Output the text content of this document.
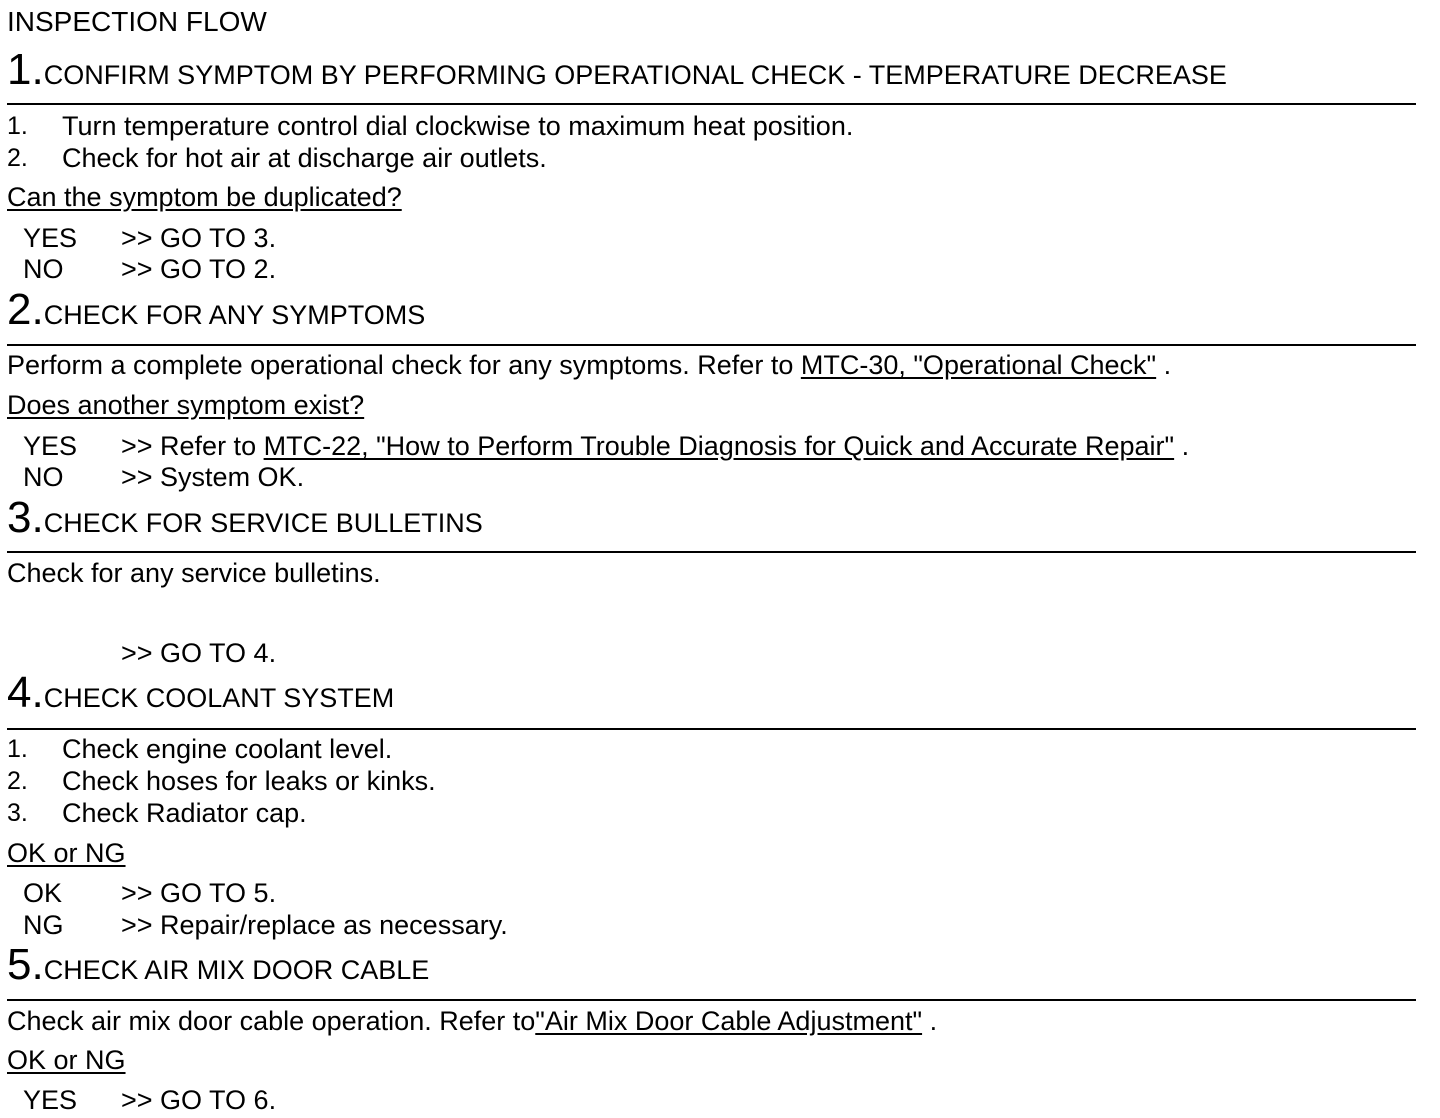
INSPECTION FLOW
1.CONFIRM SYMPTOM BY PERFORMING OPERATIONAL CHECK - TEMPERATURE DECREASE
1. Turn temperature control dial clockwise to maximum heat position.
2. Check for hot air at discharge air outlets.
Can the symptom be duplicated?
YES >> GO TO 3.
NO >> GO TO 2.
2.CHECK FOR ANY SYMPTOMS
Perform a complete operational check for any symptoms. Refer to MTC-30, "Operational Check" .
Does another symptom exist?
YES >> Refer to MTC-22, "How to Perform Trouble Diagnosis for Quick and Accurate Repair" .
NO >> System OK.
3.CHECK FOR SERVICE BULLETINS
Check for any service bulletins.
>> GO TO 4.
4.CHECK COOLANT SYSTEM
1. Check engine coolant level.
2. Check hoses for leaks or kinks.
3. Check Radiator cap.
OK or NG
OK >> GO TO 5.
NG >> Repair/replace as necessary.
5.CHECK AIR MIX DOOR CABLE
Check air mix door cable operation. Refer to"Air Mix Door Cable Adjustment" .
OK or NG
YES >> GO TO 6.
